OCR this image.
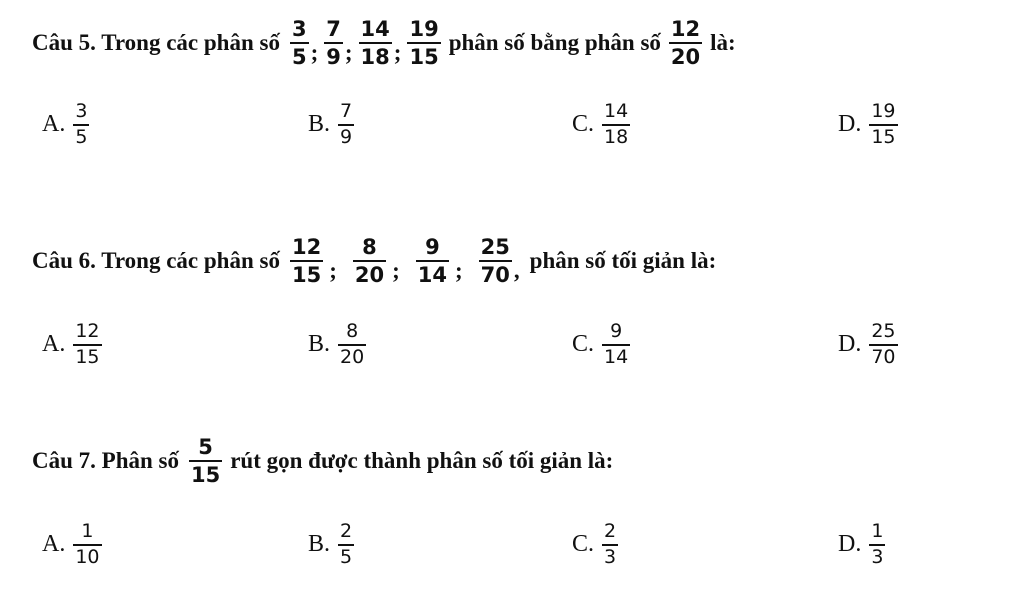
Câu 5. Trong các phân số $\frac{3}{5}$ ; $\frac{7}{9}$ ; $\frac{14}{18}$ ; $\frac{19}{15}$ phân số bằng phân số $\frac{12}{20}$ là:
A. $\frac{3}{5}$	B. $\frac{7}{9}$	C. $\frac{14}{18}$	D. $\frac{19}{15}$
Câu 6. Trong các phân số $\frac{12}{15}$ ; $\frac{8}{20}$ ; $\frac{9}{14}$ ; $\frac{25}{70}$ , phân số tối giản là:
A. $\frac{12}{15}$	B. $\frac{8}{20}$	C. $\frac{9}{14}$	D. $\frac{25}{70}$
Câu 7. Phân số $\frac{5}{15}$ rút gọn được thành phân số tối giản là:
A. $\frac{1}{10}$	B. $\frac{2}{5}$	C. $\frac{2}{3}$	D. $\frac{1}{3}$
